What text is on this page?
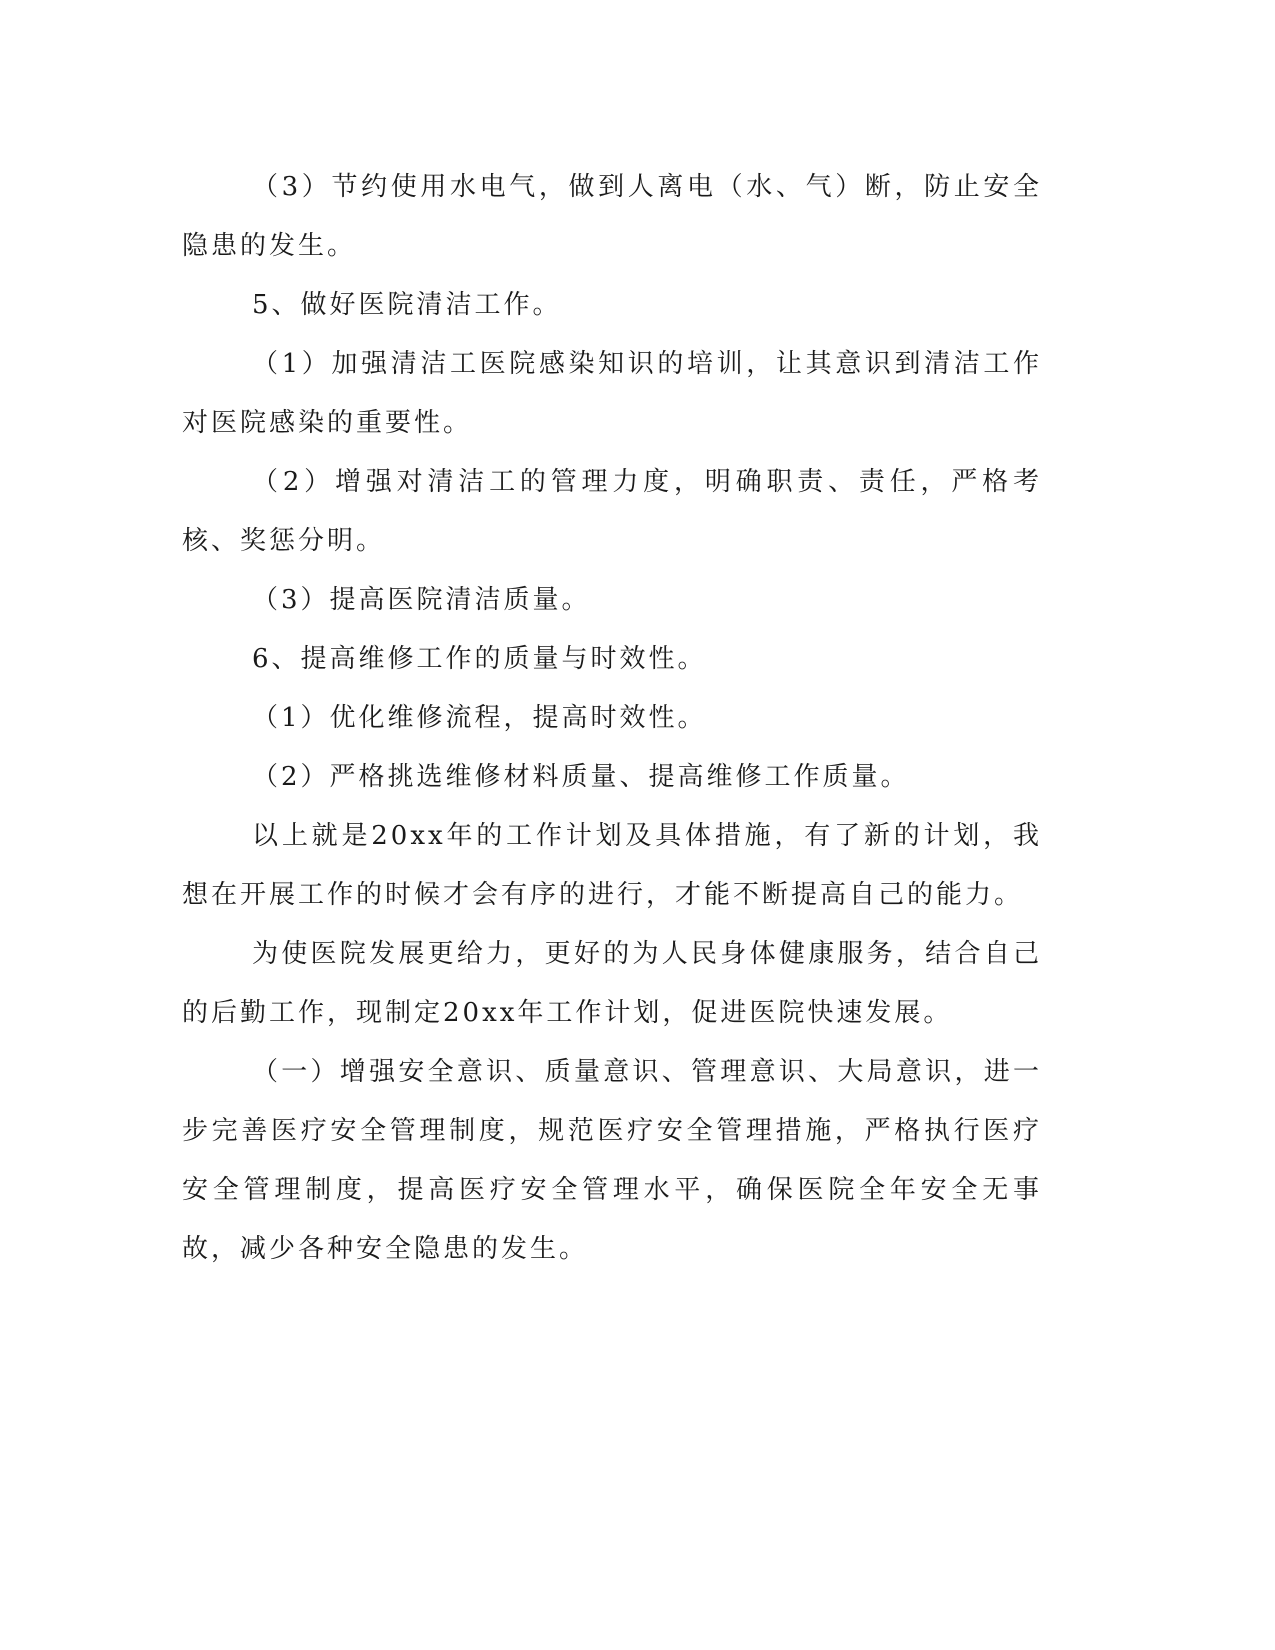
（3）节约使用水电气，做到人离电（水、气）断，防止安全隐患的发生。

5、做好医院清洁工作。

（1）加强清洁工医院感染知识的培训，让其意识到清洁工作对医院感染的重要性。

（2）增强对清洁工的管理力度，明确职责、责任，严格考核、奖惩分明。

（3）提高医院清洁质量。

6、提高维修工作的质量与时效性。

（1）优化维修流程，提高时效性。

（2）严格挑选维修材料质量、提高维修工作质量。

以上就是20xx年的工作计划及具体措施，有了新的计划，我想在开展工作的时候才会有序的进行，才能不断提高自己的能力。

为使医院发展更给力，更好的为人民身体健康服务，结合自己的后勤工作，现制定20xx年工作计划，促进医院快速发展。

（一）增强安全意识、质量意识、管理意识、大局意识，进一步完善医疗安全管理制度，规范医疗安全管理措施，严格执行医疗安全管理制度，提高医疗安全管理水平，确保医院全年安全无事故，减少各种安全隐患的发生。
